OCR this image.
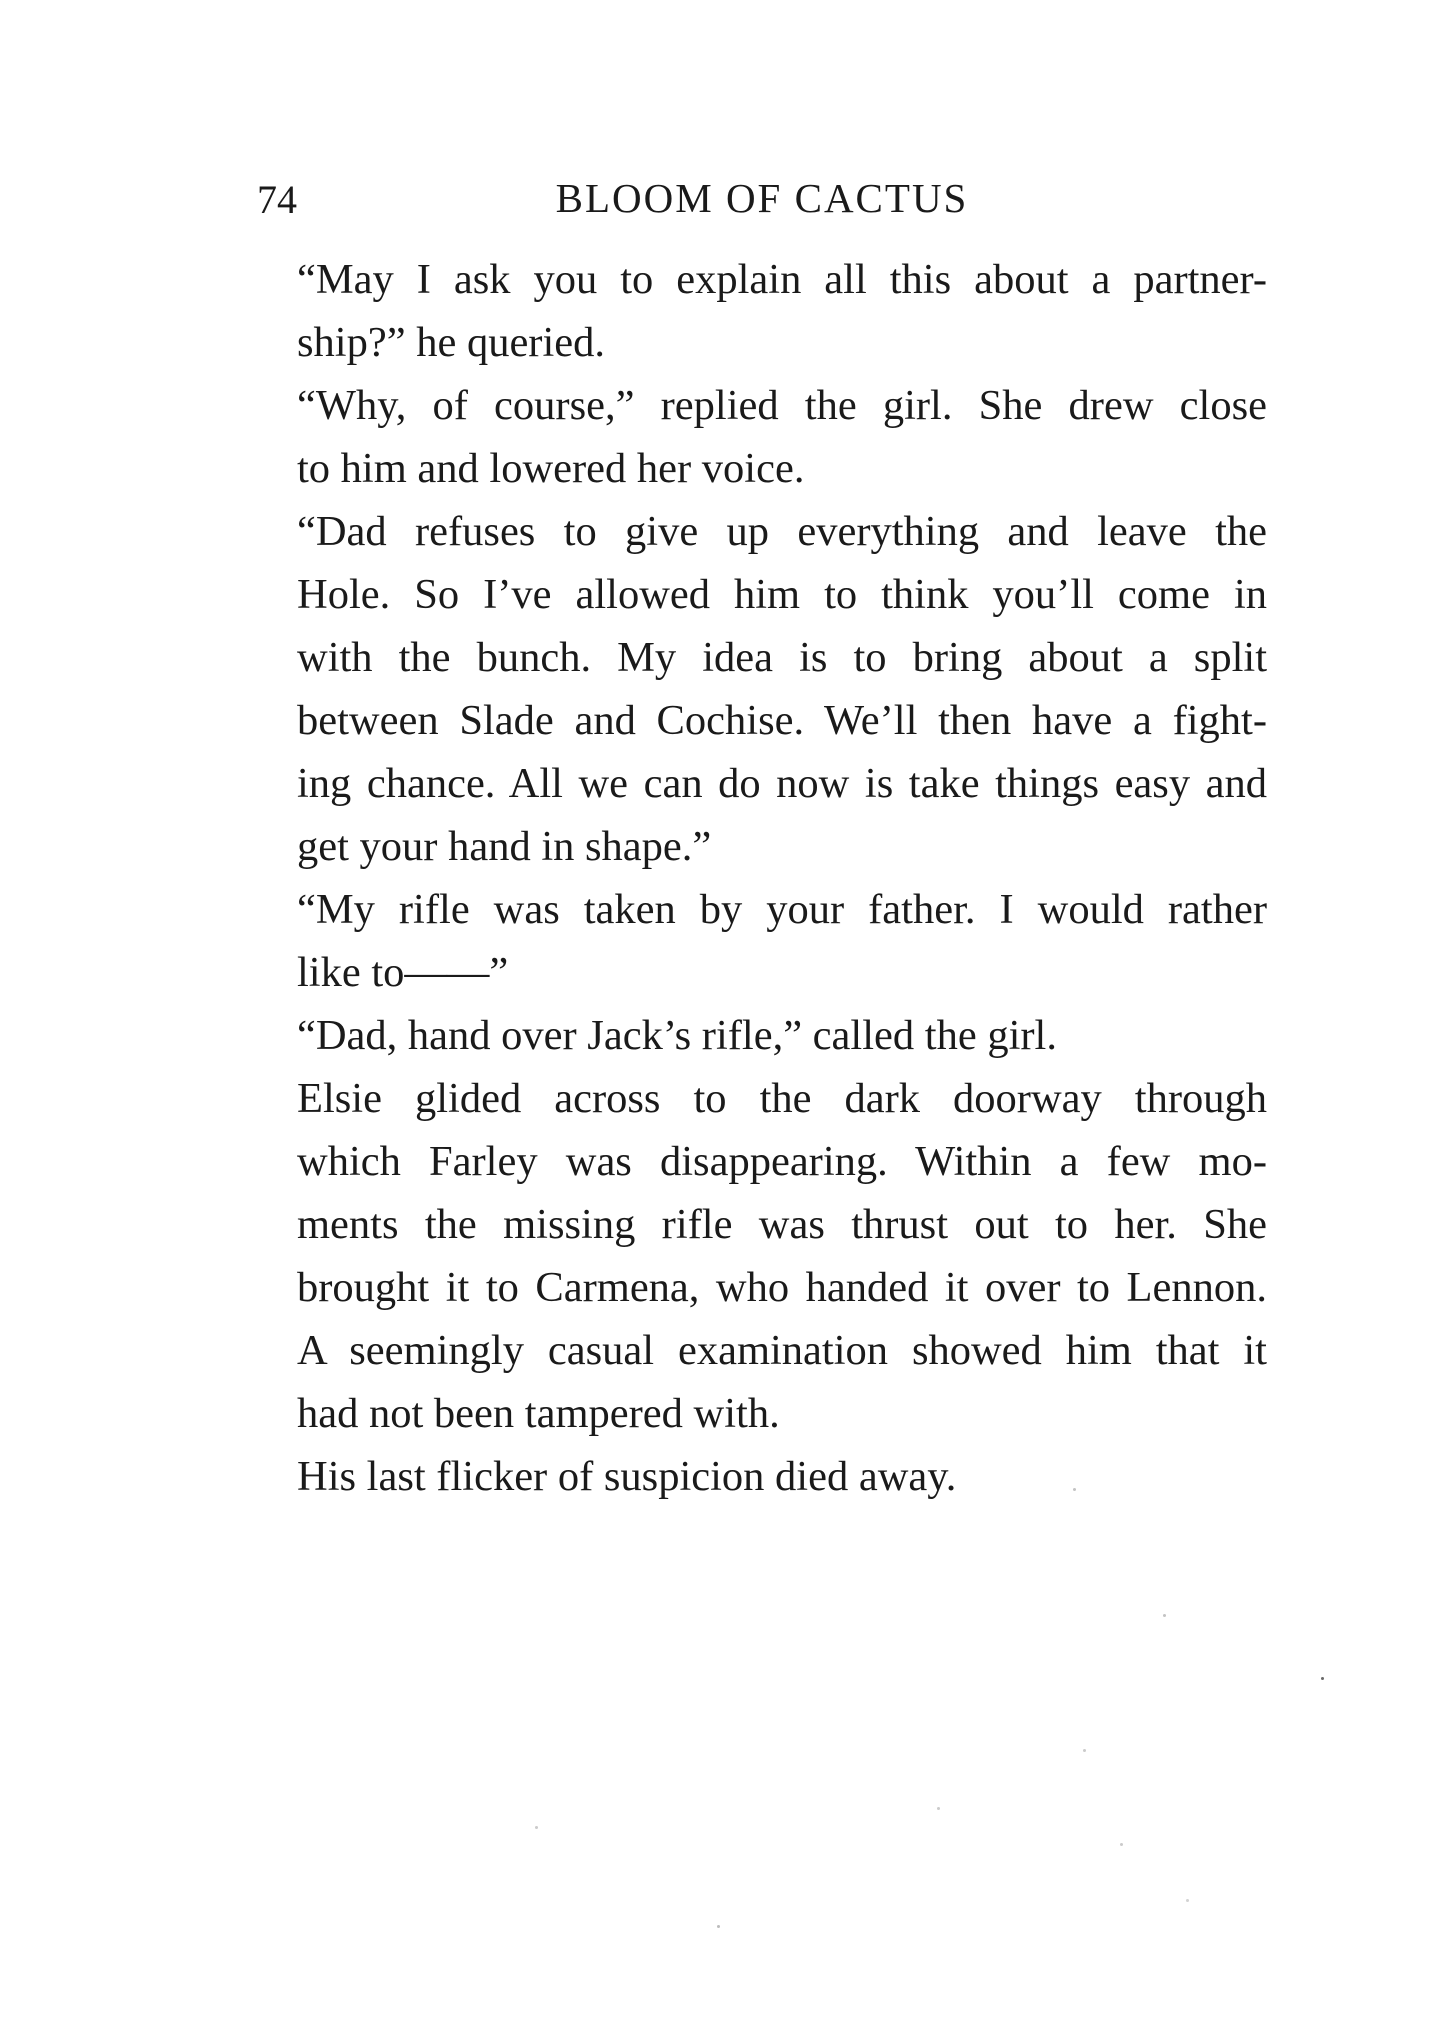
74	BLOOM OF CACTUS

“May I ask you to explain all this about a partner-
ship?” he queried.

“Why, of course,” replied the girl. She drew close
to him and lowered her voice.

“Dad refuses to give up everything and leave the
Hole. So I’ve allowed him to think you’ll come in
with the bunch. My idea is to bring about a split
between Slade and Cochise. We’ll then have a fight-
ing chance. All we can do now is take things easy and
get your hand in shape.”

“My rifle was taken by your father. I would rather
like to——”

“Dad, hand over Jack’s rifle,” called the girl.

Elsie glided across to the dark doorway through
which Farley was disappearing. Within a few mo-
ments the missing rifle was thrust out to her. She
brought it to Carmena, who handed it over to Lennon.
A seemingly casual examination showed him that it
had not been tampered with.

His last flicker of suspicion died away.
